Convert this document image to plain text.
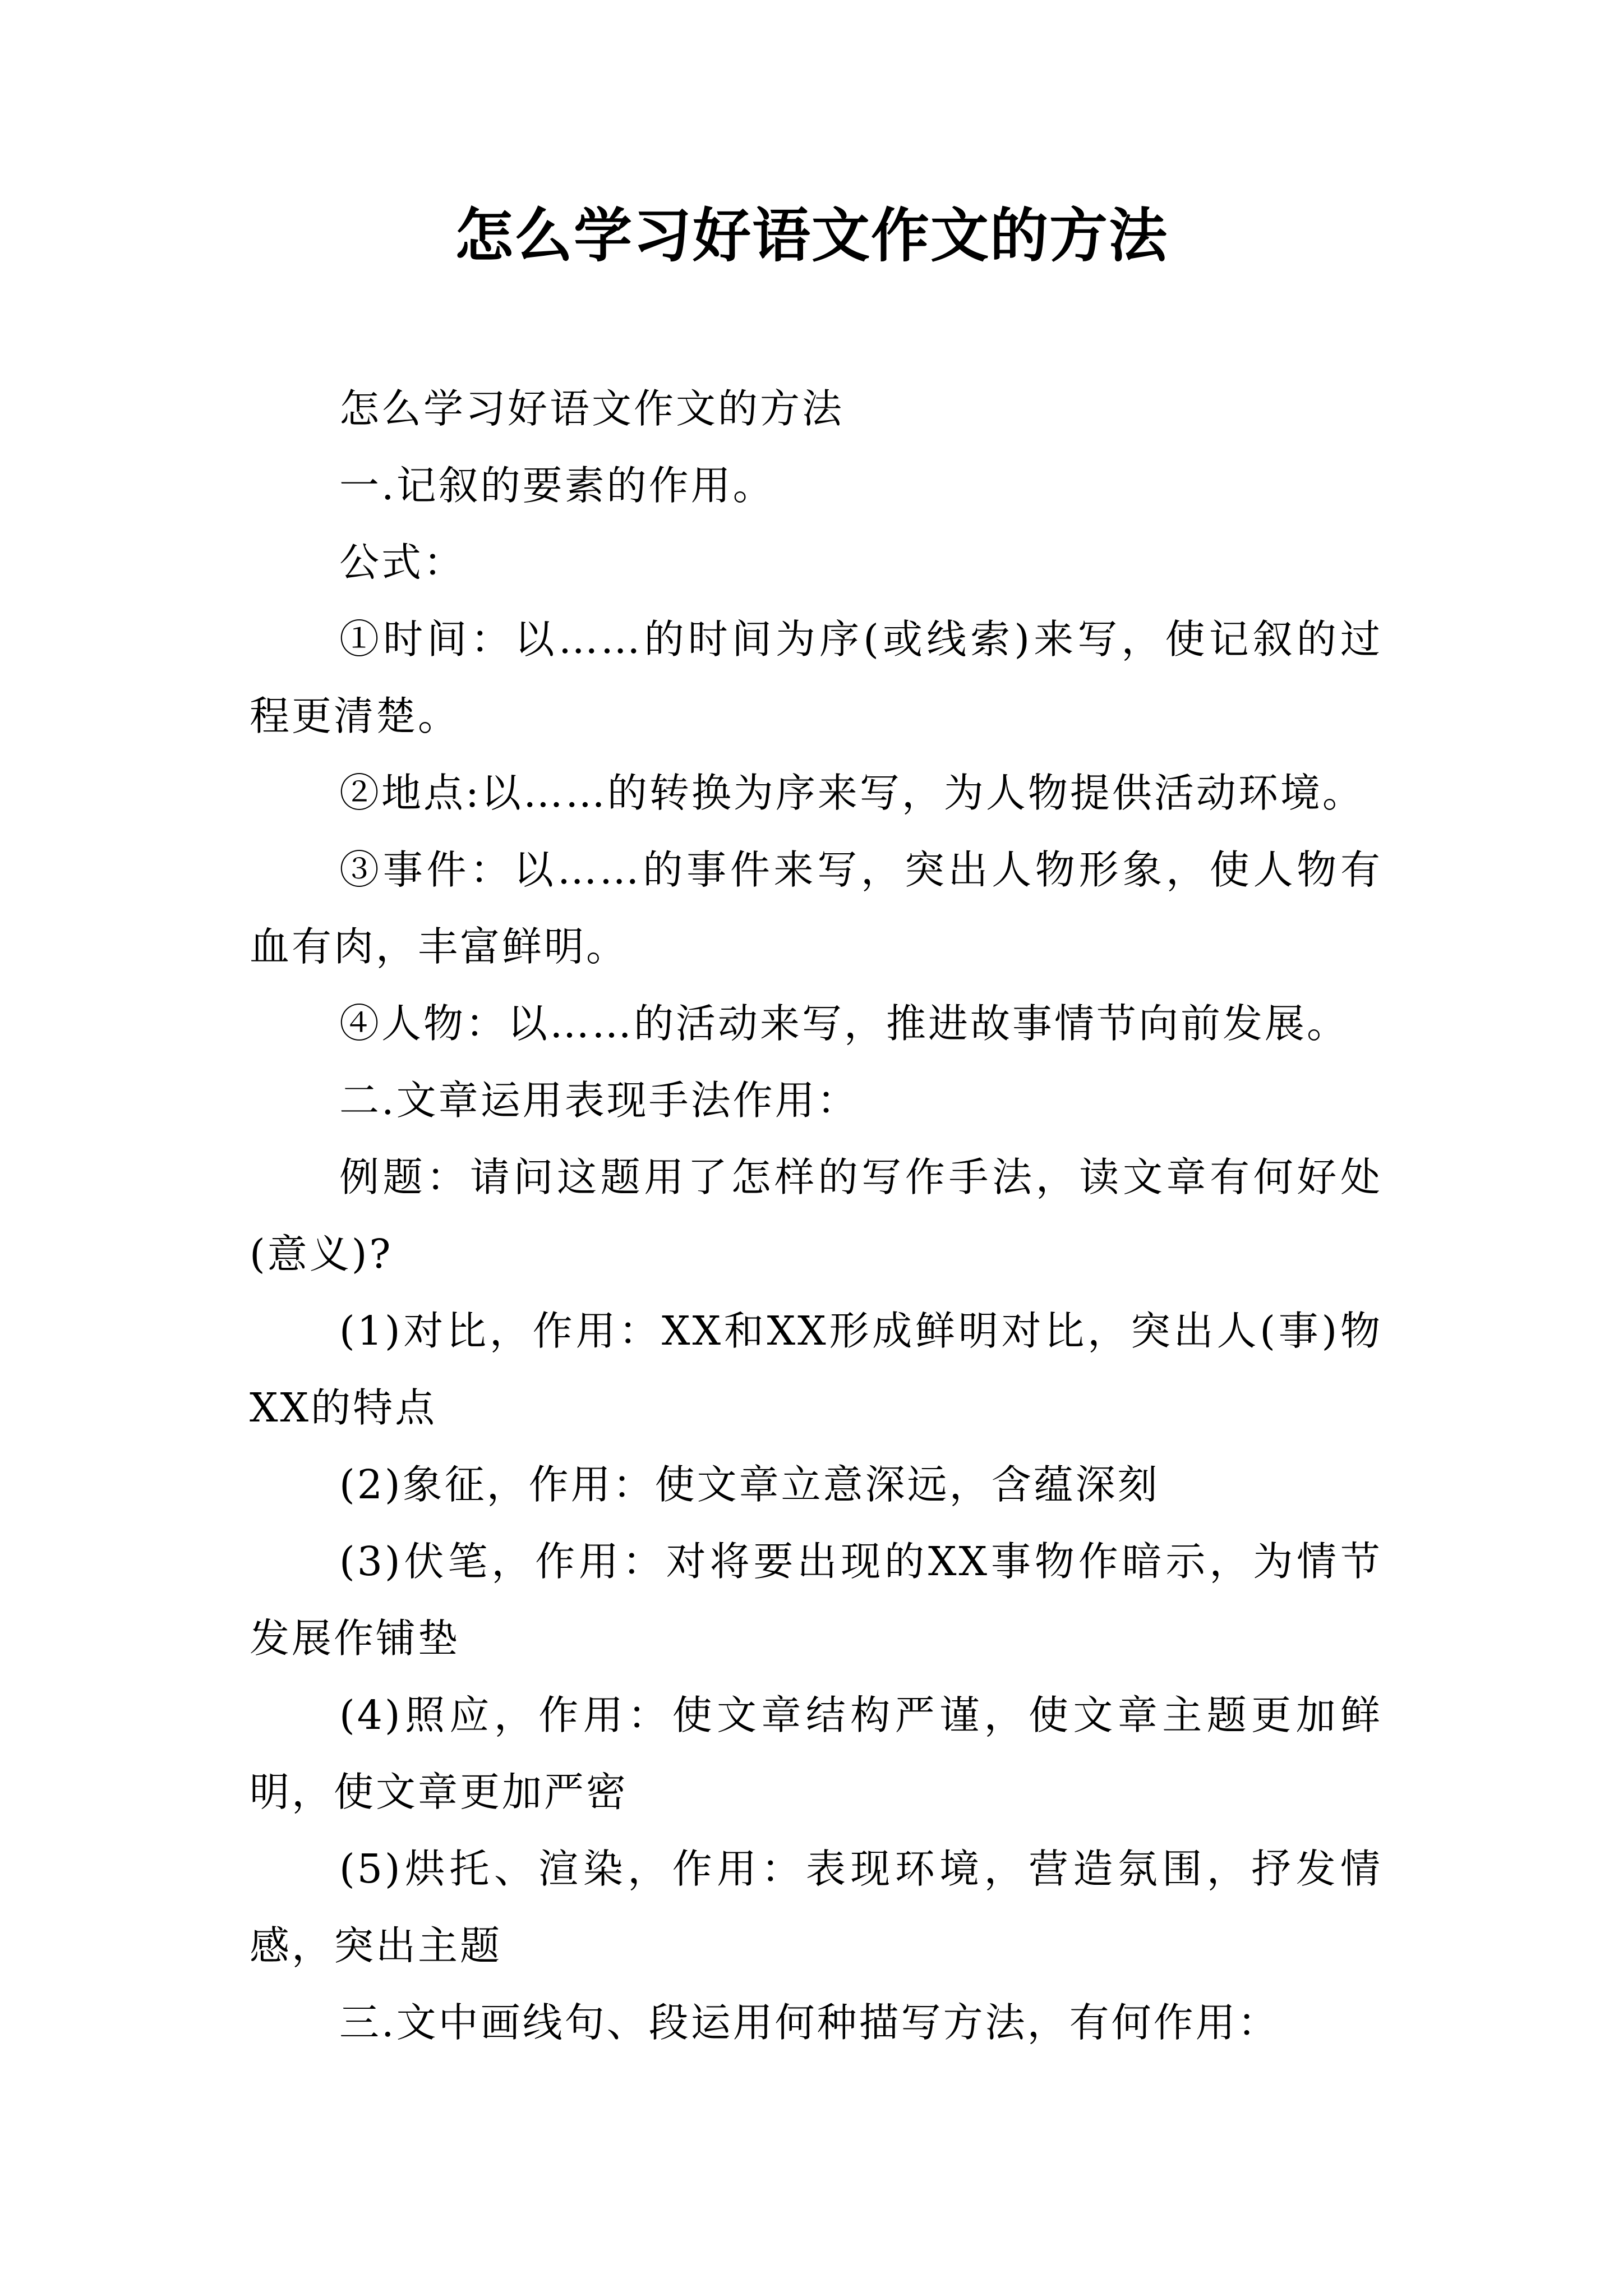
怎么学习好语文作文的方法

怎么学习好语文作文的方法

一.记叙的要素的作用。

公式：

①时间：以……的时间为序(或线索)来写，使记叙的过程更清楚。

②地点:以……的转换为序来写，为人物提供活动环境。

③事件：以……的事件来写，突出人物形象，使人物有血有肉，丰富鲜明。

④人物：以……的活动来写，推进故事情节向前发展。

二.文章运用表现手法作用：

例题：请问这题用了怎样的写作手法，读文章有何好处(意义)?

(1)对比，作用：XX和XX形成鲜明对比，突出人(事)物XX的特点

(2)象征，作用：使文章立意深远，含蕴深刻

(3)伏笔，作用：对将要出现的XX事物作暗示，为情节发展作铺垫

(4)照应，作用：使文章结构严谨，使文章主题更加鲜明，使文章更加严密

(5)烘托、渲染，作用：表现环境，营造氛围，抒发情感，突出主题

三.文中画线句、段运用何种描写方法，有何作用：
